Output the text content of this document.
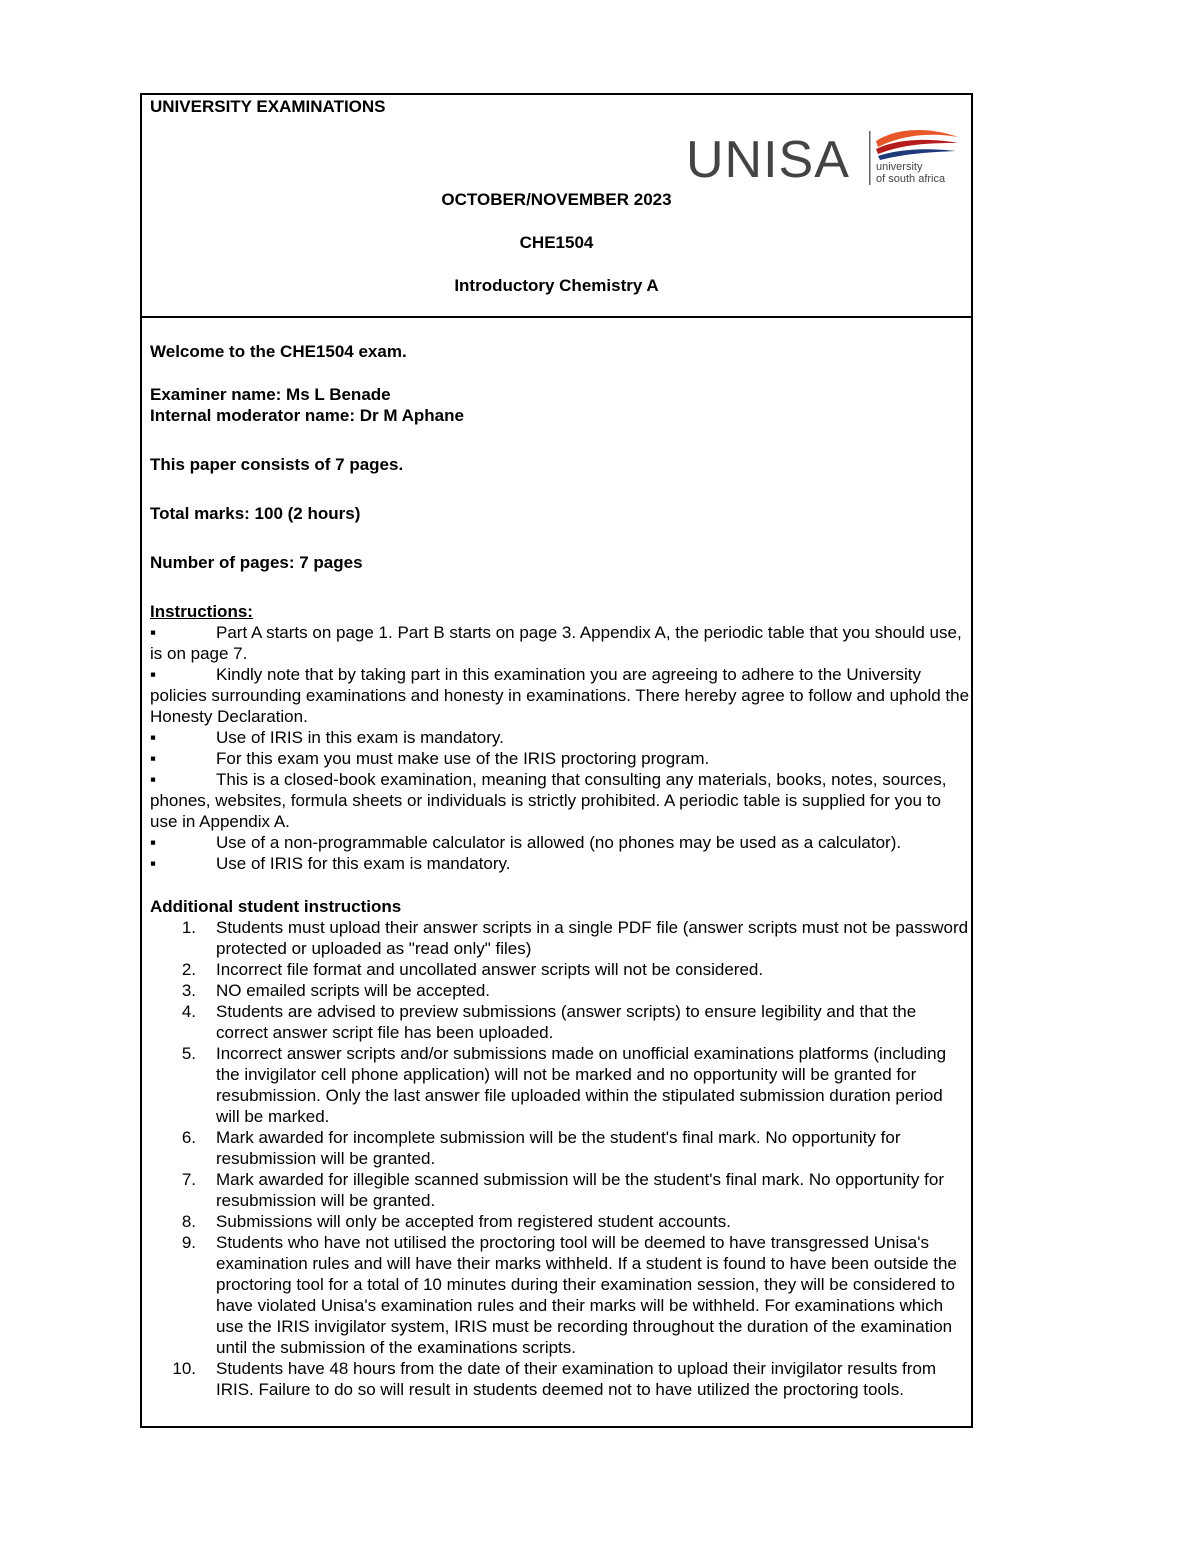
UNIVERSITY EXAMINATIONS
UNISA university
of south africa
OCTOBER/NOVEMBER 2023
CHE1504
Introductory Chemistry A
Welcome to the CHE1504 exam.
Examiner name: Ms L Benade
Internal moderator name: Dr M Aphane
This paper consists of 7 pages.
Total marks: 100 (2 hours)
Number of pages: 7 pages
Instructions:
▪	Part A starts on page 1. Part B starts on page 3. Appendix A, the periodic table that you should use, is on page 7.
▪	Kindly note that by taking part in this examination you are agreeing to adhere to the University policies surrounding examinations and honesty in examinations. There hereby agree to follow and uphold the Honesty Declaration.
▪	Use of IRIS in this exam is mandatory.
▪	For this exam you must make use of the IRIS proctoring program.
▪	This is a closed-book examination, meaning that consulting any materials, books, notes, sources, phones, websites, formula sheets or individuals is strictly prohibited. A periodic table is supplied for you to use in Appendix A.
▪	Use of a non-programmable calculator is allowed (no phones may be used as a calculator).
▪	Use of IRIS for this exam is mandatory.
Additional student instructions
1.	Students must upload their answer scripts in a single PDF file (answer scripts must not be password protected or uploaded as "read only" files)
2.	Incorrect file format and uncollated answer scripts will not be considered.
3.	NO emailed scripts will be accepted.
4.	Students are advised to preview submissions (answer scripts) to ensure legibility and that the correct answer script file has been uploaded.
5.	Incorrect answer scripts and/or submissions made on unofficial examinations platforms (including the invigilator cell phone application) will not be marked and no opportunity will be granted for resubmission. Only the last answer file uploaded within the stipulated submission duration period will be marked.
6.	Mark awarded for incomplete submission will be the student's final mark. No opportunity for resubmission will be granted.
7.	Mark awarded for illegible scanned submission will be the student's final mark. No opportunity for resubmission will be granted.
8.	Submissions will only be accepted from registered student accounts.
9.	Students who have not utilised the proctoring tool will be deemed to have transgressed Unisa's examination rules and will have their marks withheld. If a student is found to have been outside the proctoring tool for a total of 10 minutes during their examination session, they will be considered to have violated Unisa's examination rules and their marks will be withheld. For examinations which use the IRIS invigilator system, IRIS must be recording throughout the duration of the examination until the submission of the examinations scripts.
10.	Students have 48 hours from the date of their examination to upload their invigilator results from IRIS. Failure to do so will result in students deemed not to have utilized the proctoring tools.
